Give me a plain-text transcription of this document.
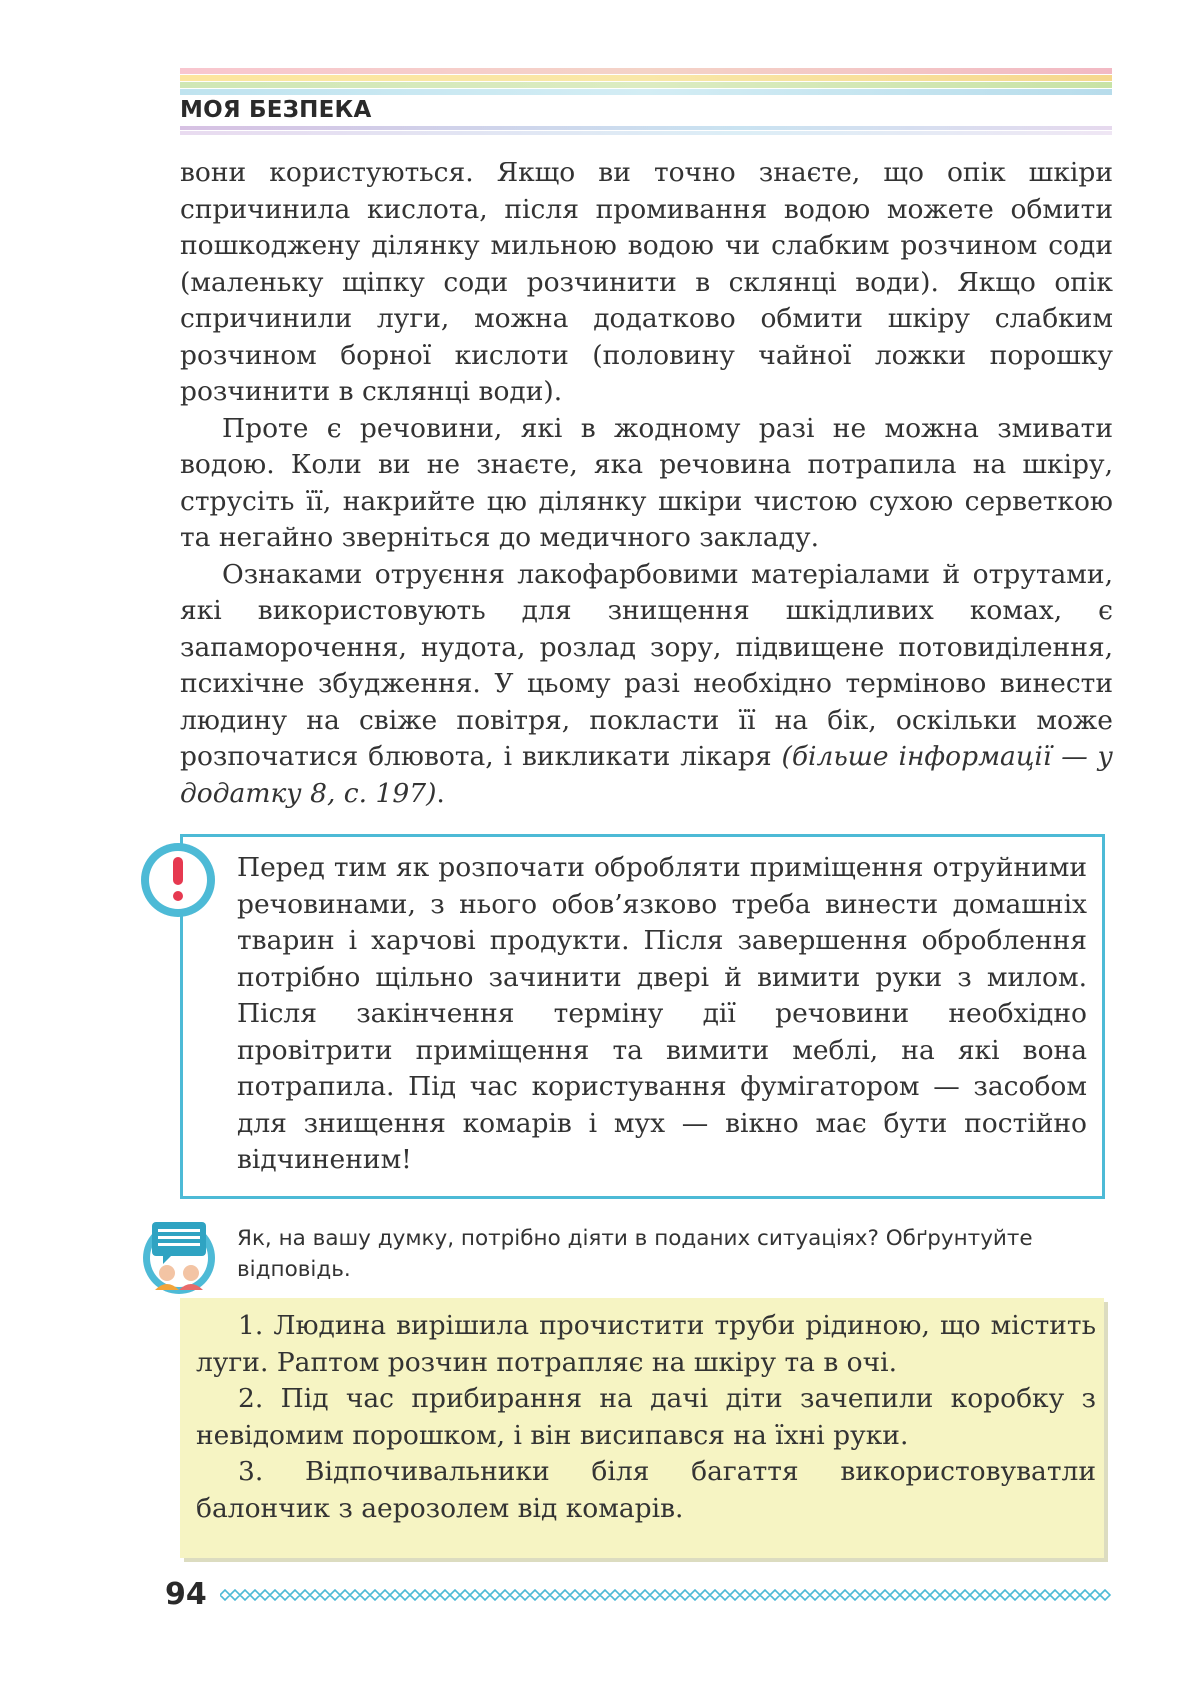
МОЯ БЕЗПЕКА

вони користуються. Якщо ви точно знаєте, що опік шкіри спричинила кислота, після промивання водою можете обмити пошкоджену ділянку мильною водою чи слабким розчином соди (маленьку щіпку соди розчинити в склянці води). Якщо опік спричинили луги, можна додатково обмити шкіру слабким розчином борної кислоти (половину чайної ложки порошку розчинити в склянці води).

Проте є речовини, які в жодному разі не можна змивати водою. Коли ви не знаєте, яка речовина потрапила на шкіру, струсіть її, накрийте цю ділянку шкіри чистою сухою серветкою та негайно зверніться до медичного закладу.

Ознаками отруєння лакофарбовими матеріалами й отрутами, які використовують для знищення шкідливих комах, є запаморочення, нудота, розлад зору, підвищене потовиділення, психічне збудження. У цьому разі необхідно терміново винести людину на свіже повітря, покласти її на бік, оскільки може розпочатися блювота, і викликати лікаря (більше інформації — у додатку 8, с. 197).

Перед тим як розпочати обробляти приміщення отруйними речовинами, з нього обов’язково треба винести домашніх тварин і харчові продукти. Після завершення оброблення потрібно щільно зачинити двері й вимити руки з милом. Після закінчення терміну дії речовини необхідно провітрити приміщення та вимити меблі, на які вона потрапила. Під час користування фумігатором — засобом для знищення комарів і мух — вікно має бути постійно відчиненим!
Як, на вашу думку, потрібно діяти в поданих ситуаціях? Обґрунтуйте відповідь.

1. Людина вирішила прочистити труби рідиною, що містить луги. Раптом розчин потрапляє на шкіру та в очі.

2. Під час прибирання на дачі діти зачепили коробку з невідомим порошком, і він висипався на їхні руки.

3. Відпочивальники біля багаття використовуватли балончик з аерозолем від комарів.

94
